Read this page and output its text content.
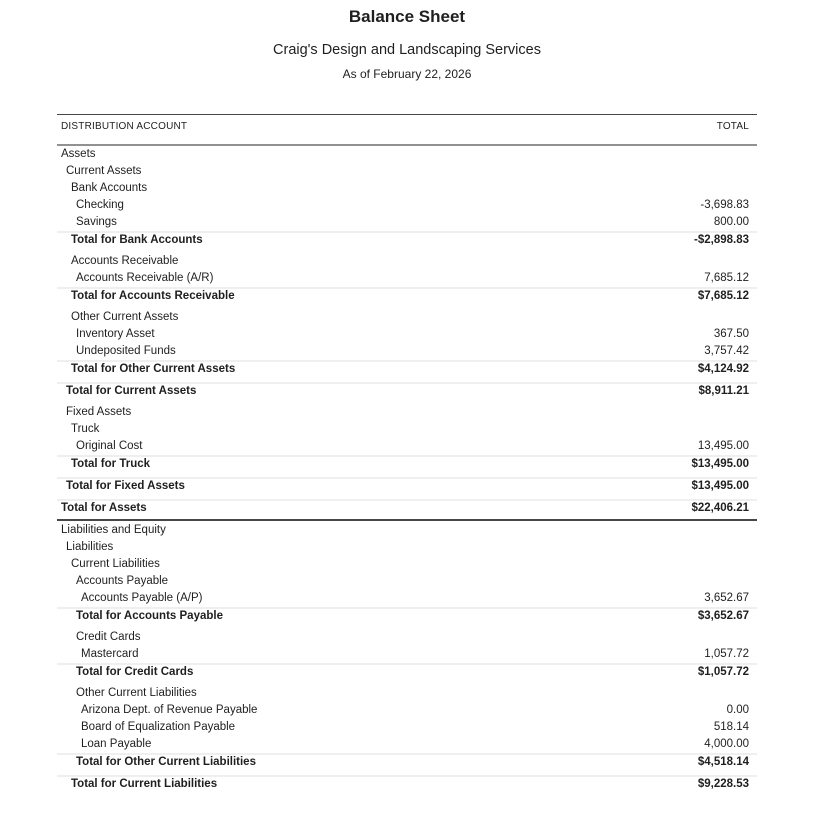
Balance Sheet
Craig's Design and Landscaping Services
As of February 22, 2026
DISTRIBUTION ACCOUNT	TOTAL
Assets
Current Assets
Bank Accounts
Checking	-3,698.83
Savings	800.00
Total for Bank Accounts	-$2,898.83
Accounts Receivable
Accounts Receivable (A/R)	7,685.12
Total for Accounts Receivable	$7,685.12
Other Current Assets
Inventory Asset	367.50
Undeposited Funds	3,757.42
Total for Other Current Assets	$4,124.92
Total for Current Assets	$8,911.21
Fixed Assets
Truck
Original Cost	13,495.00
Total for Truck	$13,495.00
Total for Fixed Assets	$13,495.00
Total for Assets	$22,406.21
Liabilities and Equity
Liabilities
Current Liabilities
Accounts Payable
Accounts Payable (A/P)	3,652.67
Total for Accounts Payable	$3,652.67
Credit Cards
Mastercard	1,057.72
Total for Credit Cards	$1,057.72
Other Current Liabilities
Arizona Dept. of Revenue Payable	0.00
Board of Equalization Payable	518.14
Loan Payable	4,000.00
Total for Other Current Liabilities	$4,518.14
Total for Current Liabilities	$9,228.53
